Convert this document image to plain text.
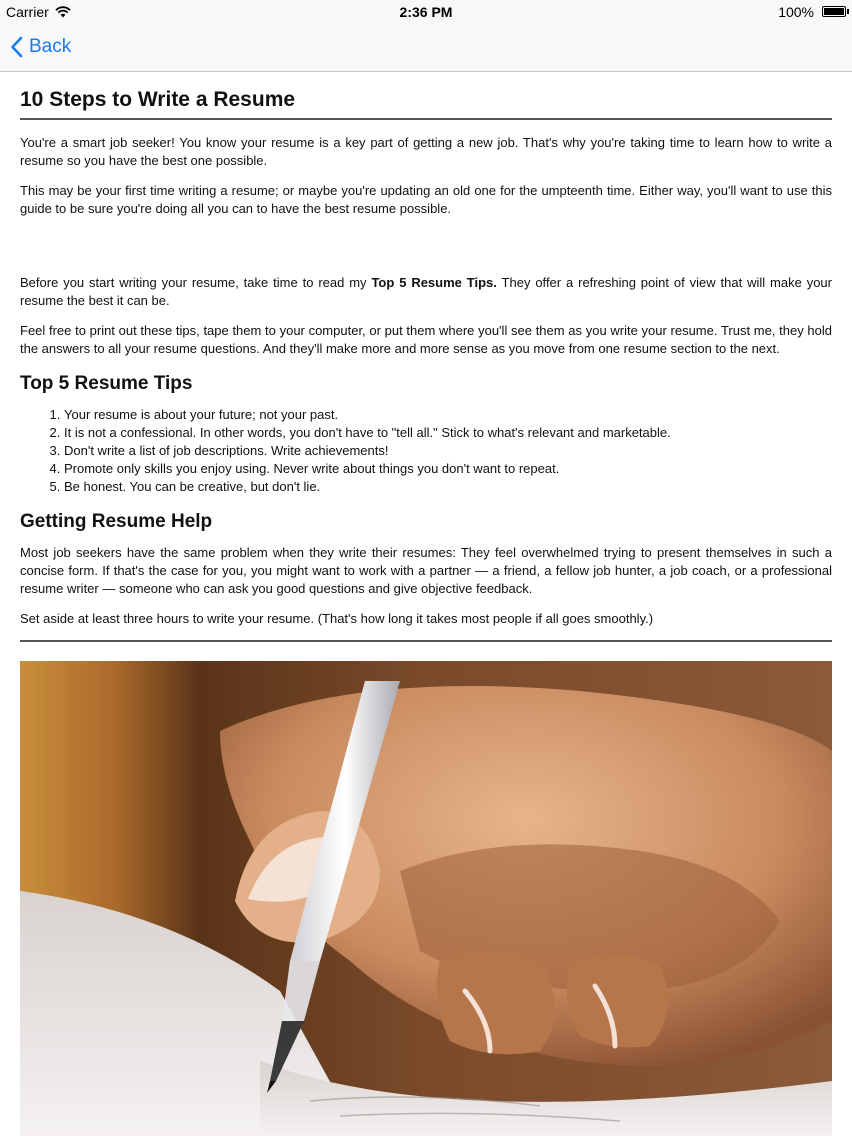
Carrier	2:36 PM	100%
Back
10 Steps to Write a Resume

You're a smart job seeker! You know your resume is a key part of getting a new job. That's why you're taking time to learn how to write a resume so you have the best one possible.

This may be your first time writing a resume; or maybe you're updating an old one for the umpteenth time. Either way, you'll want to use this guide to be sure you're doing all you can to have the best resume possible.

Before you start writing your resume, take time to read my Top 5 Resume Tips. They offer a refreshing point of view that will make your resume the best it can be.

Feel free to print out these tips, tape them to your computer, or put them where you'll see them as you write your resume. Trust me, they hold the answers to all your resume questions. And they'll make more and more sense as you move from one resume section to the next.

Top 5 Resume Tips
1. Your resume is about your future; not your past.
2. It is not a confessional. In other words, you don't have to "tell all." Stick to what's relevant and marketable.
3. Don't write a list of job descriptions. Write achievements!
4. Promote only skills you enjoy using. Never write about things you don't want to repeat.
5. Be honest. You can be creative, but don't lie.
Getting Resume Help

Most job seekers have the same problem when they write their resumes: They feel overwhelmed trying to present themselves in such a concise form. If that's the case for you, you might want to work with a partner — a friend, a fellow job hunter, a job coach, or a professional resume writer — someone who can ask you good questions and give objective feedback.

Set aside at least three hours to write your resume. (That's how long it takes most people if all goes smoothly.)
